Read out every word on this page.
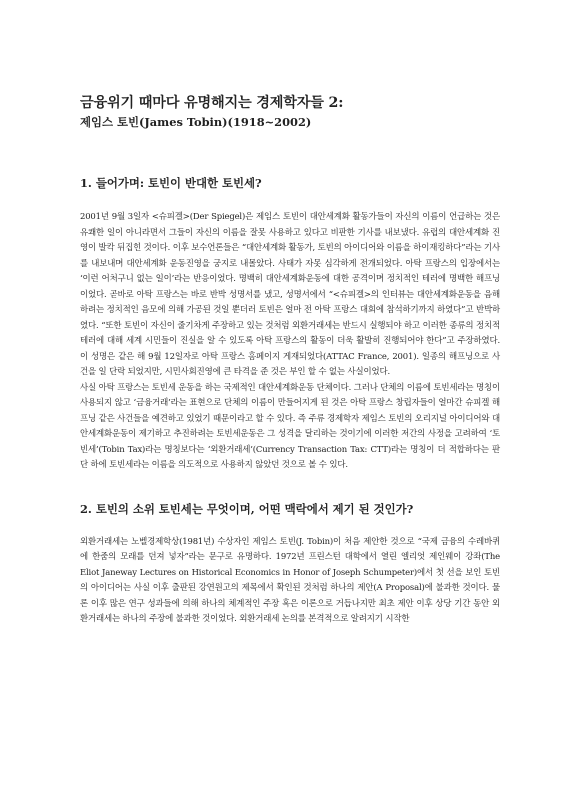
금융위기 때마다 유명해지는 경제학자들 2:
제임스 토빈(James Tobin)(1918~2002)
1. 들어가며: 토빈이 반대한 토빈세?

2001년 9월 3일자 <슈피겔>(Der Spiegel)은 제임스 토빈이 대안세계화 활동가들이 자신의 이름이 언급하는 것은 유쾌한 일이 아니라면서 그들이 자신의 이름을 잘못 사용하고 있다고 비판한 기사를 내보냈다. 유럽의 대안세계화 진영이 발칵 뒤집힌 것이다. 이후 보수언론들은 “대안세계화 활동가, 토빈의 아이디어와 이름을 하이재킹하다”라는 기사를 내보내며 대안세계화 운동진영을 궁지로 내몰았다. 사태가 자못 심각하게 전개되었다. 아탁 프랑스의 입장에서는 ‘이런 어처구니 없는 일이’라는 반응이었다. 명백히 대안세계화운동에 대한 공격이며 정치적인 테러에 명백한 해프닝이었다. 곧바로 아탁 프랑스는 바로 반박 성명서를 냈고, 성명서에서 “<슈피겔>의 인터뷰는 대안세계화운동을 음해하려는 정치적인 음모에 의해 가공된 것일 뿐더러 토빈은 얼마 전 아탁 프랑스 대회에 참석하기까지 하였다”고 반박하였다. “또한 토빈이 자신이 줄기차게 주장하고 있는 것처럼 외환거래세는 반드시 실행되야 하고 이러한 종류의 정치적 테러에 대해 세계 시민들이 진실을 알 수 있도록 아탁 프랑스의 활동이 더욱 활발히 진행되어야 한다”고 주장하였다. 이 성명은 같은 해 9월 12일자로 아탁 프랑스 홈페이지 게재되었다(ATTAC France, 2001). 일종의 해프닝으로 사건을 일 단락 되었지만, 시민사회진영에 큰 타격을 준 것은 부인 할 수 없는 사실이었다.

사실 아탁 프랑스는 토빈세 운동을 하는 국제적인 대안세계화운동 단체이다. 그러나 단체의 이름에 토빈세라는 명칭이 사용되지 않고 ‘금융거래’라는 표현으로 단체의 이름이 만들어지게 된 것은 아탁 프랑스 창립자들이 얼마간 슈피겔 해프닝 같은 사건들을 예견하고 있었기 때문이라고 할 수 있다. 즉 주류 경제학자 제임스 토빈의 오리지널 아이디어와 대안세계화운동이 제기하고 추진하려는 토빈세운동은 그 성격을 달리하는 것이기에 이러한 저간의 사정을 고려하여 ‘토빈세’(Tobin Tax)라는 명칭보다는 ‘외환거래세’(Currency Transaction Tax: CTT)라는 명칭이 더 적합하다는 판단 하에 토빈세라는 이름을 의도적으로 사용하지 않았던 것으로 볼 수 있다.

2. 토빈의 소위 토빈세는 무엇이며, 어떤 맥락에서 제기 된 것인가?

외환거래세는 노벨경제학상(1981년) 수상자인 제임스 토빈(J. Tobin)이 처음 제안한 것으로 “국제 금융의 수레바퀴에 한줌의 모래를 던져 넣자”라는 문구로 유명하다. 1972년 프린스턴 대학에서 열린 엘리엇 제인웨이 강좌(The Eliot Janeway Lectures on Historical Economics in Honor of Joseph Schumpeter)에서 첫 선을 보인 토빈의 아이디어는 사실 이후 출판된 강연원고의 제목에서 확인된 것처럼 하나의 제안(A Proposal)에 불과한 것이다. 물론 이후 많은 연구 성과들에 의해 하나의 체계적인 주장 혹은 이론으로 거듭나지만 최초 제안 이후 상당 기간 동안 외환거래세는 하나의 주장에 불과한 것이었다. 외환거래세 논의를 본격적으로 알려지기 시작한
